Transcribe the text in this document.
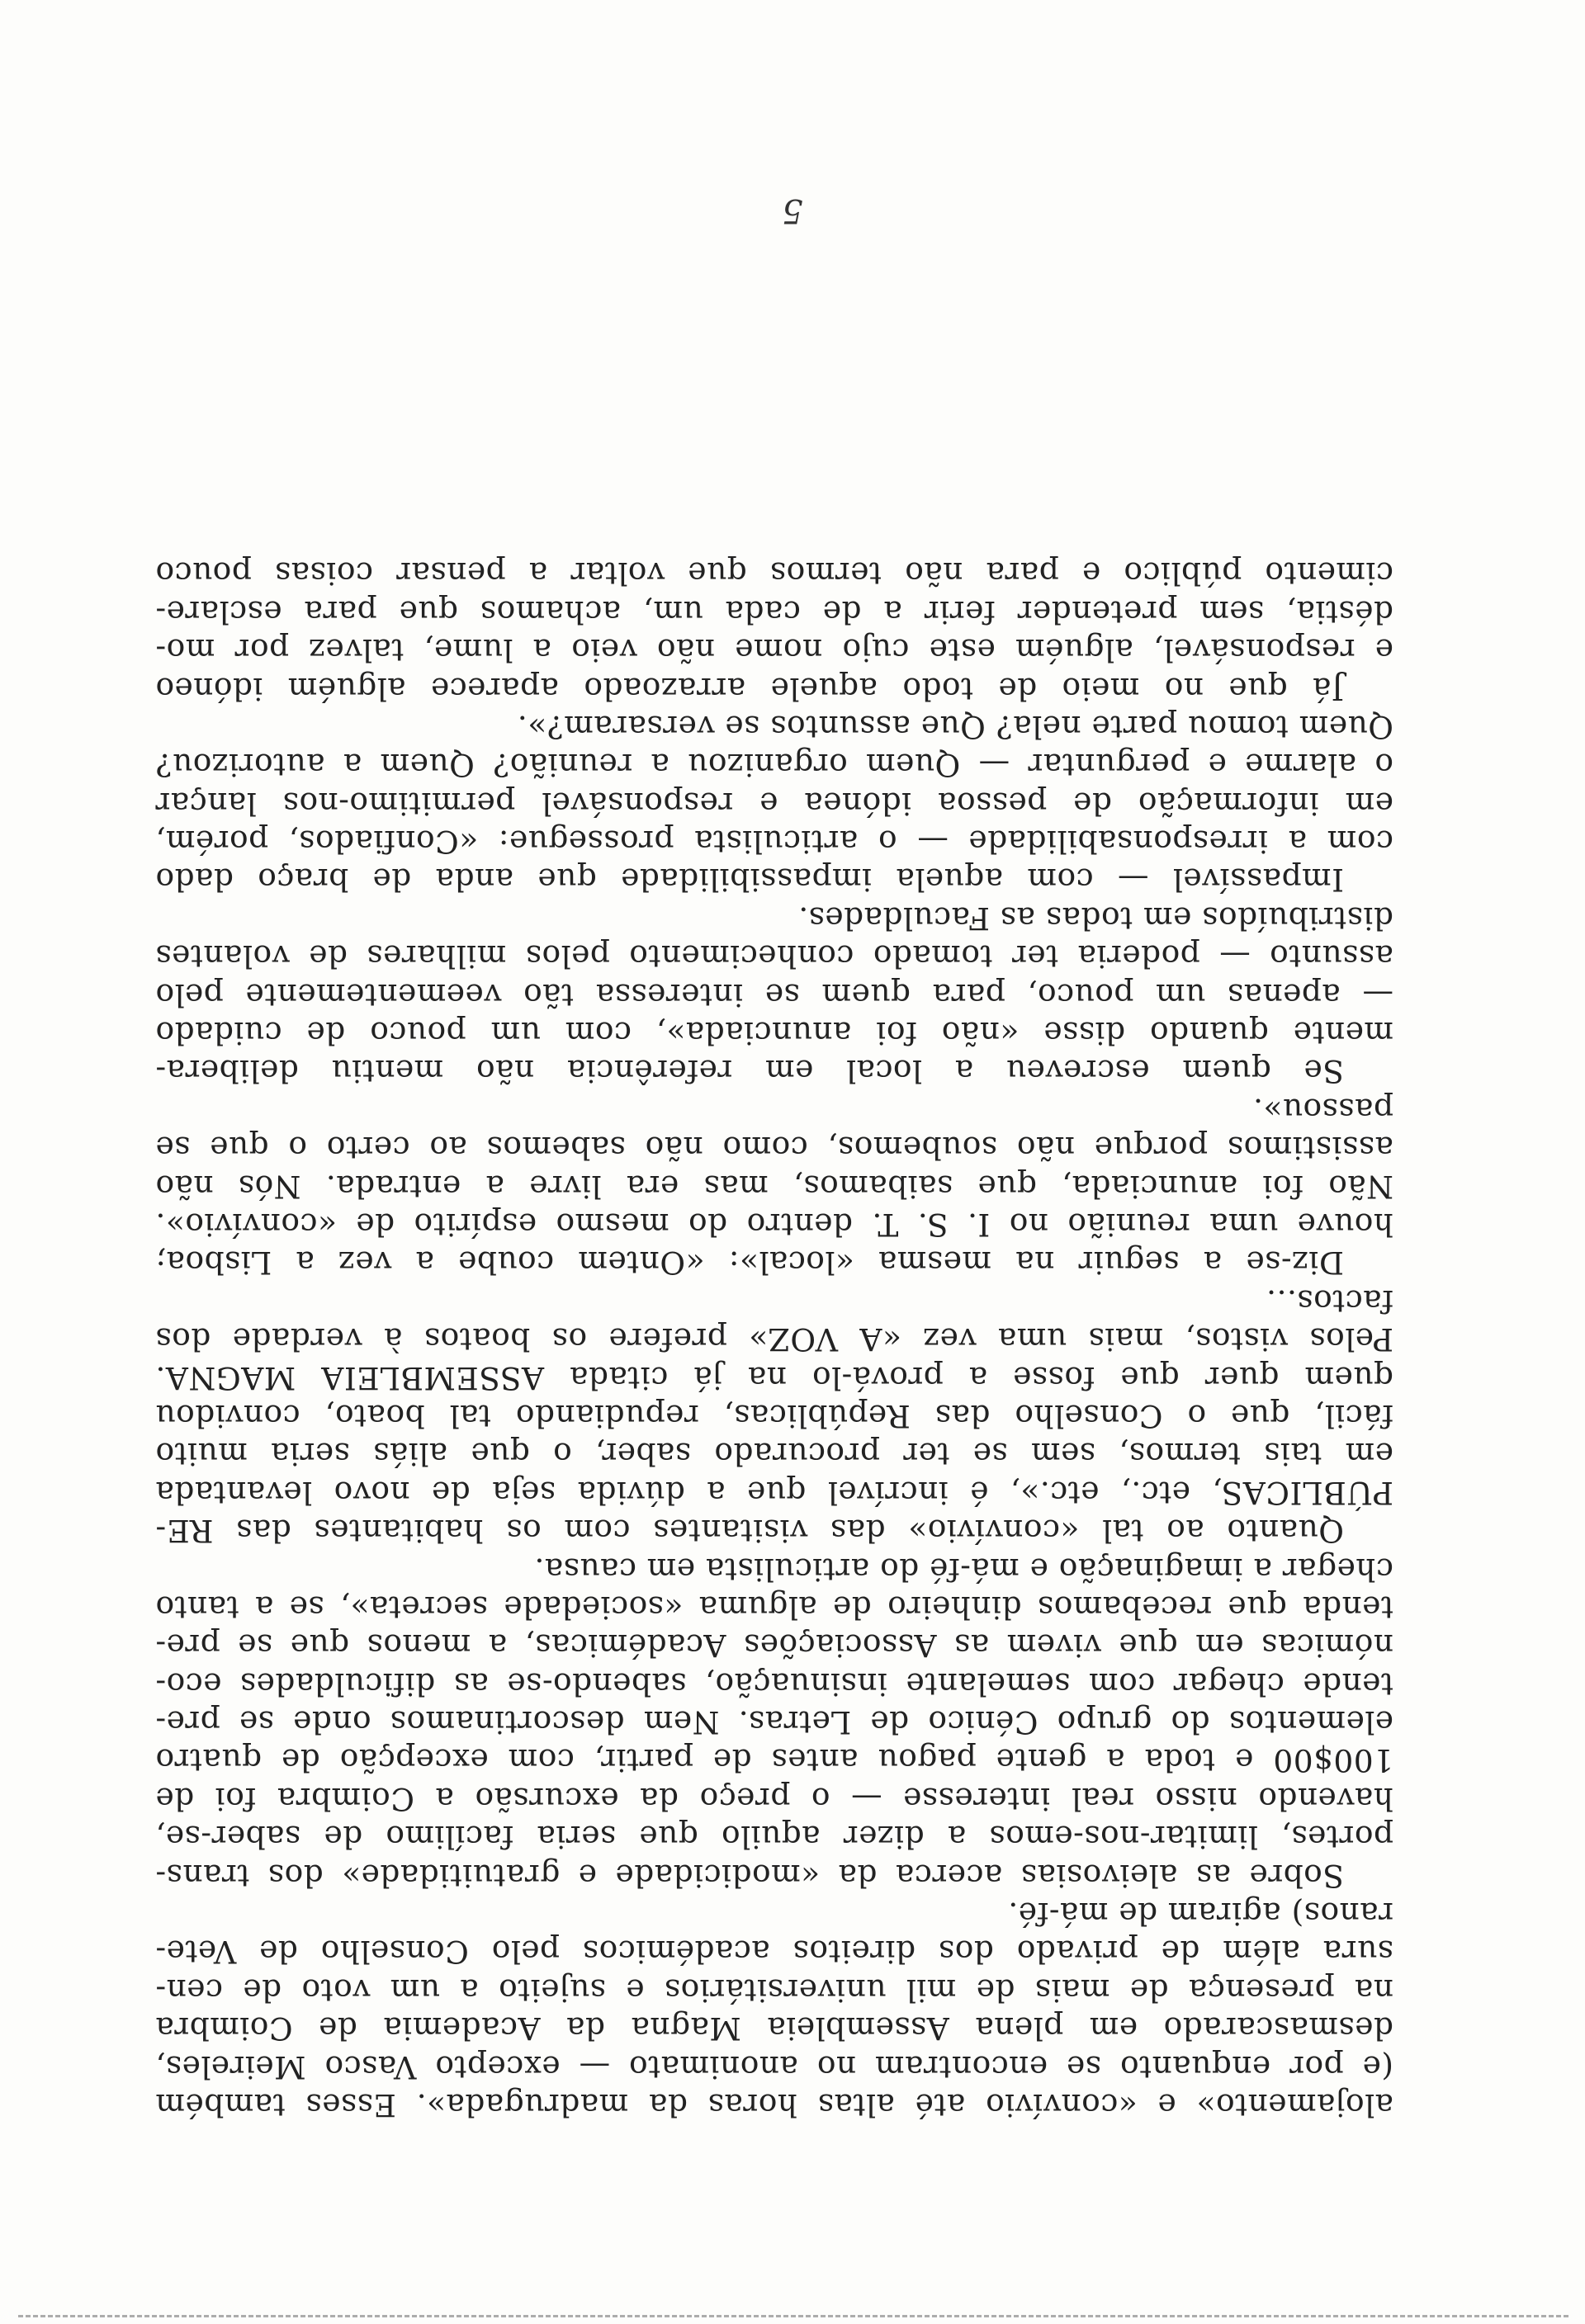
alojamento» e «convívio até altas horas da madrugada». Esses também
(e por enquanto se encontram no anonimato — excepto Vasco Meireles,
desmascarado em plena Assembleia Magna da Academia de Coimbra
na presença de mais de mil universitários e sujeito a um voto de cen-
sura além de privado dos direitos académicos pelo Conselho de Vete-
ranos) agiram de má-fé.
Sobre as aleivosias acerca da «modicidade e gratuitidade» dos trans-
portes, limitar-nos-emos a dizer aquilo que seria facílimo de saber-se,
havendo nisso real interesse — o preço da excursão a Coimbra foi de
100$00 e toda a gente pagou antes de partir, com excepção de quatro
elementos do grupo Cénico de Letras. Nem descortinamos onde se pre-
tende chegar com semelante insinuação, sabendo-se as dificuldades eco-
nómicas em que vivem as Associações Académicas, a menos que se pre-
tenda que recebamos dinheiro de alguma «sociedade secreta», se a tanto
chegar a imaginação e má-fé do articulista em causa.
Quanto ao tal «convívio» das visitantes com os habitantes das RE-
PÚBLICAS, etc., etc.», é incrível que a dúvida seja de novo levantada
em tais termos, sem se ter procurado saber, o que aliás seria muito
fácil, que o Conselho das Repúblicas, repudiando tal boato, convidou
quem quer que fosse a prová-lo na já citada ASSEMBLEIA MAGNA.
Pelos vistos, mais uma vez «A VOZ» prefere os boatos à verdade dos
factos...
Diz-se a seguir na mesma «local»: «Ontem coube a vez a Lisboa;
houve uma reunião no I. S. T. dentro do mesmo espírito de «convívio».
Não foi anunciada, que saibamos, mas era livre a entrada. Nós não
assistimos porque não soubemos, como não sabemos ao certo o que se
passou».
Se quem escreveu a local em referência não mentiu delibera-
mente quando disse «não foi anunciada», com um pouco de cuidado
— apenas um pouco, para quem se interessa tão veementemente pelo
assunto — poderia ter tomado conhecimento pelos milhares de volantes
distribuídos em todas as Faculdades.
Impassível — com aquela impassibilidade que anda de braço dado
com a irresponsabilidade — o articulista prossegue: «Confiados, porém,
em informação de pessoa idónea e responsável permitimo-nos lançar
o alarme e perguntar — Quem organizou a reunião? Quem a autorizou?
Quem tomou parte nela? Que assuntos se versaram?».
Já que no meio de todo aquele arrazoado aparece alguém idóneo
e responsável, alguém este cujo nome não veio a lume, talvez por mo-
déstia, sem pretender ferir a de cada um, achamos que para esclare-
cimento público e para não termos que voltar a pensar coisas pouco
5
